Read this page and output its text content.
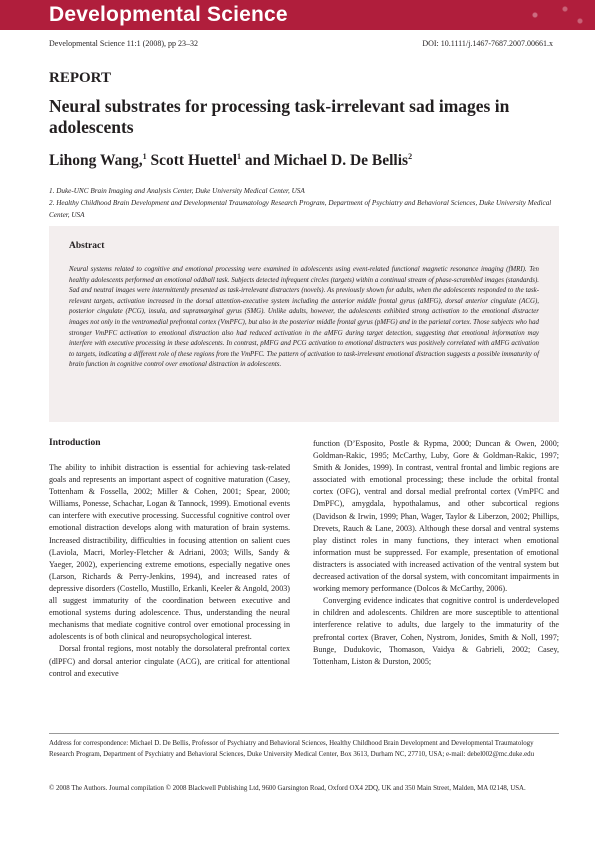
Developmental Science
Developmental Science 11:1 (2008), pp 23–32	DOI: 10.1111/j.1467-7687.2007.00661.x
REPORT
Neural substrates for processing task-irrelevant sad images in adolescents
Lihong Wang,$^1$ Scott Huettel$^1$ and Michael D. De Bellis$^2$
1. Duke-UNC Brain Imaging and Analysis Center, Duke University Medical Center, USA
2. Healthy Childhood Brain Development and Developmental Traumatology Research Program, Department of Psychiatry and Behavioral Sciences, Duke University Medical Center, USA
Abstract
Neural systems related to cognitive and emotional processing were examined in adolescents using event-related functional magnetic resonance imaging (fMRI). Ten healthy adolescents performed an emotional oddball task. Subjects detected infrequent circles (targets) within a continual stream of phase-scrambled images (standards). Sad and neutral images were intermittently presented as task-irrelevant distracters (novels). As previously shown for adults, when the adolescents responded to the task-relevant targets, activation increased in the dorsal attention-executive system including the anterior middle frontal gyrus (aMFG), dorsal anterior cingulate (ACG), posterior cingulate (PCG), insula, and supramarginal gyrus (SMG). Unlike adults, however, the adolescents exhibited strong activation to the emotional distracter images not only in the ventromedial prefrontal cortex (VmPFC), but also in the posterior middle frontal gyrus (pMFG) and in the parietal cortex. Those subjects who had stronger VmPFC activation to emotional distraction also had reduced activation in the aMFG during target detection, suggesting that emotional information may interfere with executive processing in these adolescents. In contrast, pMFG and PCG activation to emotional distracters was positively correlated with aMFG activation to targets, indicating a different role of these regions from the VmPFC. The pattern of activation to task-irrelevant emotional distraction suggests a possible immaturity of brain function in cognitive control over emotional distraction in adolescents.
Introduction

The ability to inhibit distraction is essential for achieving task-related goals and represents an important aspect of cognitive maturation (Casey, Tottenham & Fossella, 2002; Miller & Cohen, 2001; Spear, 2000; Williams, Ponesse, Schachar, Logan & Tannock, 1999). Emotional events can interfere with executive processing. Successful cognitive control over emotional distraction develops along with maturation of brain systems. Increased distractibility, difficulties in focusing attention on salient cues (Laviola, Macri, Morley-Fletcher & Adriani, 2003; Wills, Sandy & Yaeger, 2002), experiencing extreme emotions, especially negative ones (Larson, Richards & Perry-Jenkins, 1994), and increased rates of depressive disorders (Costello, Mustillo, Erkanli, Keeler & Angold, 2003) all suggest immaturity of the coordination between executive and emotional systems during adolescence. Thus, understanding the neural mechanisms that mediate cognitive control over emotional processing in adolescents is of both clinical and neuropsychological interest.

Dorsal frontal regions, most notably the dorsolateral prefrontal cortex (dlPFC) and dorsal anterior cingulate (ACG), are critical for attentional control and executive

function (D’Esposito, Postle & Rypma, 2000; Duncan & Owen, 2000; Goldman-Rakic, 1995; McCarthy, Luby, Gore & Goldman-Rakic, 1997; Smith & Jonides, 1999). In contrast, ventral frontal and limbic regions are associated with emotional processing; these include the orbital frontal cortex (OFG), ventral and dorsal medial prefrontal cortex (VmPFC and DmPFC), amygdala, hypothalamus, and other subcortical regions (Davidson & Irwin, 1999; Phan, Wager, Taylor & Liberzon, 2002; Phillips, Drevets, Rauch & Lane, 2003). Although these dorsal and ventral systems play distinct roles in many functions, they interact when emotional information must be suppressed. For example, presentation of emotional distracters is associated with increased activation of the ventral system but decreased activation of the dorsal system, with concomitant impairments in working memory performance (Dolcos & McCarthy, 2006).

Converging evidence indicates that cognitive control is underdeveloped in children and adolescents. Children are more susceptible to attentional interference relative to adults, due largely to the immaturity of the prefrontal cortex (Braver, Cohen, Nystrom, Jonides, Smith & Noll, 1997; Bunge, Dudukovic, Thomason, Vaidya & Gabrieli, 2002; Casey, Tottenham, Liston & Durston, 2005;

Address for correspondence: Michael D. De Bellis, Professor of Psychiatry and Behavioral Sciences, Healthy Childhood Brain Development and Developmental Traumatology Research Program, Department of Psychiatry and Behavioral Sciences, Duke University Medical Center, Box 3613, Durham NC, 27710, USA; e-mail: debel002@mc.duke.edu
© 2008 The Authors. Journal compilation © 2008 Blackwell Publishing Ltd, 9600 Garsington Road, Oxford OX4 2DQ, UK and 350 Main Street, Malden, MA 02148, USA.
